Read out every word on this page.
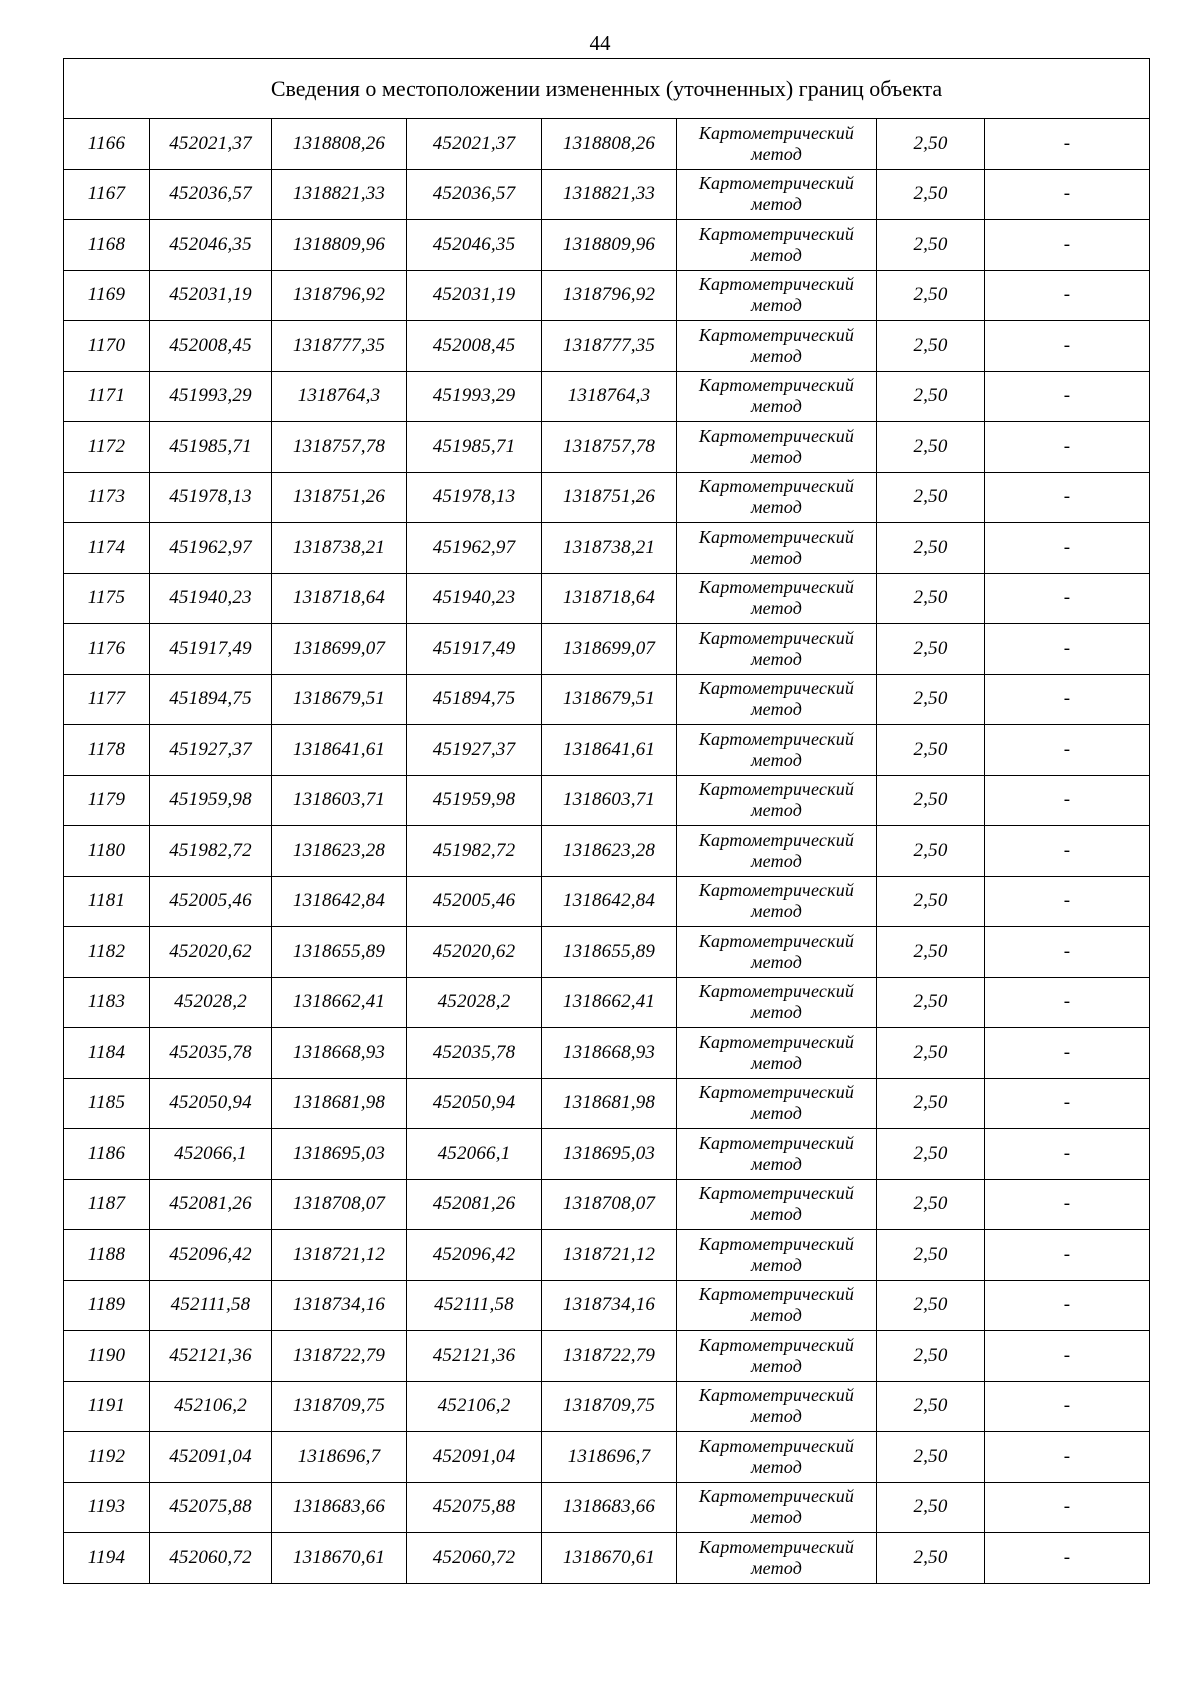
44
Сведения о местоположении измененных (уточненных) границ объекта							
1166	452021,37	1318808,26	452021,37	1318808,26	Картометрический
метод	2,50	-
1167	452036,57	1318821,33	452036,57	1318821,33	Картометрический
метод	2,50	-
1168	452046,35	1318809,96	452046,35	1318809,96	Картометрический
метод	2,50	-
1169	452031,19	1318796,92	452031,19	1318796,92	Картометрический
метод	2,50	-
1170	452008,45	1318777,35	452008,45	1318777,35	Картометрический
метод	2,50	-
1171	451993,29	1318764,3	451993,29	1318764,3	Картометрический
метод	2,50	-
1172	451985,71	1318757,78	451985,71	1318757,78	Картометрический
метод	2,50	-
1173	451978,13	1318751,26	451978,13	1318751,26	Картометрический
метод	2,50	-
1174	451962,97	1318738,21	451962,97	1318738,21	Картометрический
метод	2,50	-
1175	451940,23	1318718,64	451940,23	1318718,64	Картометрический
метод	2,50	-
1176	451917,49	1318699,07	451917,49	1318699,07	Картометрический
метод	2,50	-
1177	451894,75	1318679,51	451894,75	1318679,51	Картометрический
метод	2,50	-
1178	451927,37	1318641,61	451927,37	1318641,61	Картометрический
метод	2,50	-
1179	451959,98	1318603,71	451959,98	1318603,71	Картометрический
метод	2,50	-
1180	451982,72	1318623,28	451982,72	1318623,28	Картометрический
метод	2,50	-
1181	452005,46	1318642,84	452005,46	1318642,84	Картометрический
метод	2,50	-
1182	452020,62	1318655,89	452020,62	1318655,89	Картометрический
метод	2,50	-
1183	452028,2	1318662,41	452028,2	1318662,41	Картометрический
метод	2,50	-
1184	452035,78	1318668,93	452035,78	1318668,93	Картометрический
метод	2,50	-
1185	452050,94	1318681,98	452050,94	1318681,98	Картометрический
метод	2,50	-
1186	452066,1	1318695,03	452066,1	1318695,03	Картометрический
метод	2,50	-
1187	452081,26	1318708,07	452081,26	1318708,07	Картометрический
метод	2,50	-
1188	452096,42	1318721,12	452096,42	1318721,12	Картометрический
метод	2,50	-
1189	452111,58	1318734,16	452111,58	1318734,16	Картометрический
метод	2,50	-
1190	452121,36	1318722,79	452121,36	1318722,79	Картометрический
метод	2,50	-
1191	452106,2	1318709,75	452106,2	1318709,75	Картометрический
метод	2,50	-
1192	452091,04	1318696,7	452091,04	1318696,7	Картометрический
метод	2,50	-
1193	452075,88	1318683,66	452075,88	1318683,66	Картометрический
метод	2,50	-
1194	452060,72	1318670,61	452060,72	1318670,61	Картометрический
метод	2,50	-
